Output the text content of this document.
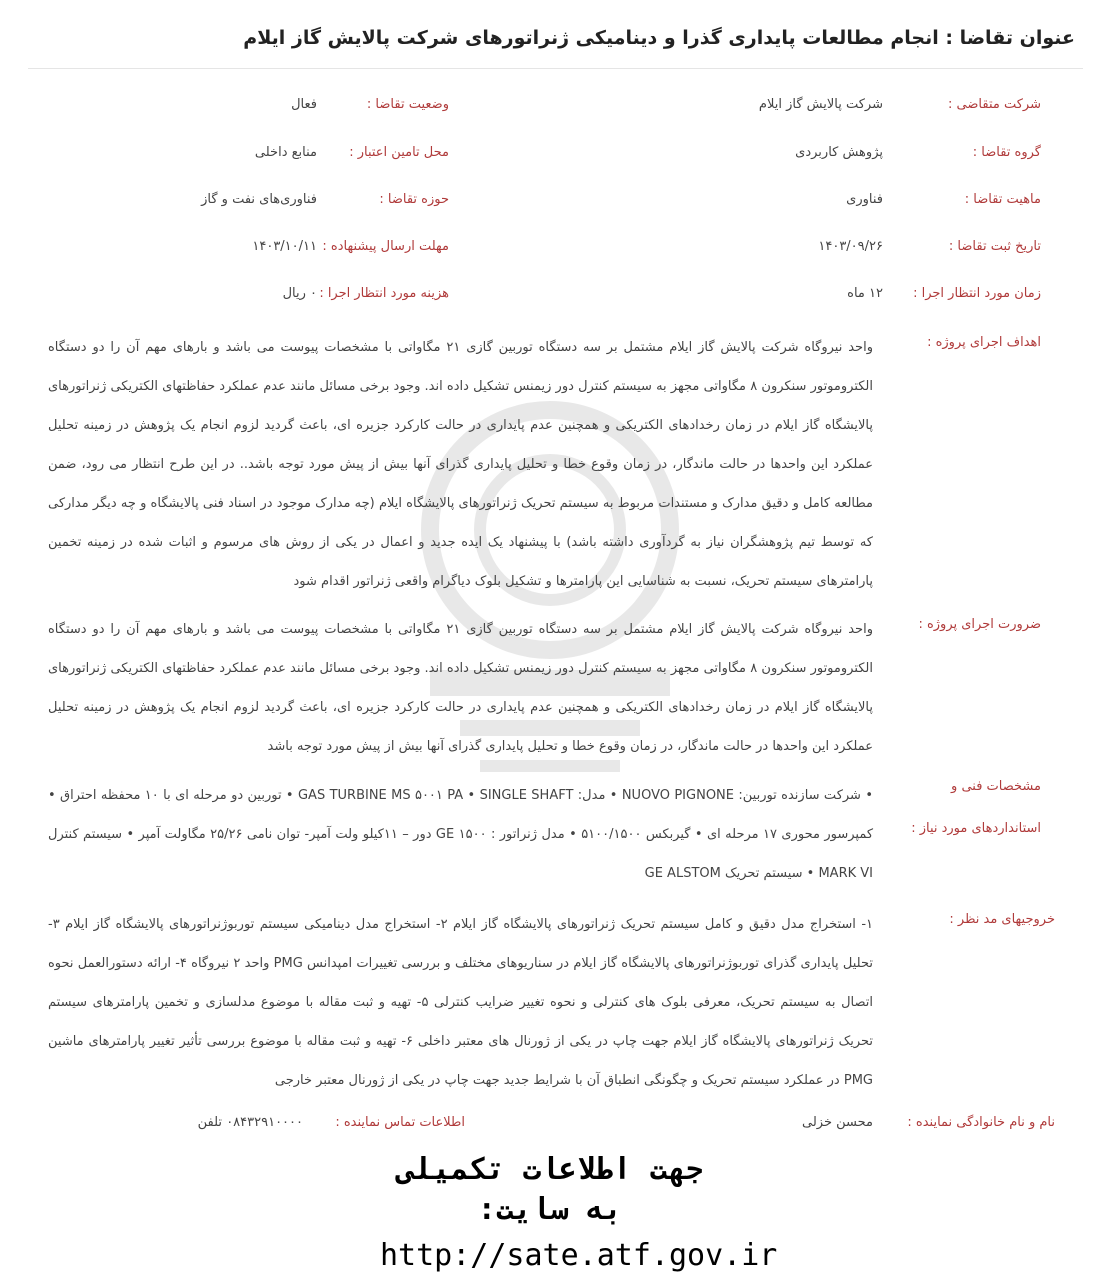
عنوان تقاضا : انجام مطالعات پایداری گذرا و دینامیکی ژنراتورهای شرکت پالایش گاز ایلام
شرکت متقاضی :
شرکت پالایش گاز ایلام
وضعیت تقاضا :
فعال
گروه تقاضا :
پژوهش کاربردی
محل تامین اعتبار :
منابع داخلی
ماهیت تقاضا :
فناوری
حوزه تقاضا :
فناوری‌های نفت و گاز
تاریخ ثبت تقاضا :
۱۴۰۳/۰۹/۲۶
مهلت ارسال پیشنهاده :
۱۴۰۳/۱۰/۱۱
زمان مورد انتظار اجرا :
۱۲ ماه
هزینه مورد انتظار اجرا :
۰ ریال
اهداف اجرای پروژه :

واحد نیروگاه شرکت پالایش گاز ایلام مشتمل بر سه دستگاه توربین گازی ۲۱ مگاواتی با مشخصات پیوست می باشد و بارهای مهم آن را دو دستگاه الکتروموتور سنکرون ۸ مگاواتی مجهز به سیستم کنترل دور زیمنس تشکیل داده اند. وجود برخی مسائل مانند عدم عملکرد حفاظتهای الکتریکی ژنراتورهای پالایشگاه گاز ایلام در زمان رخدادهای الکتریکی و همچنین عدم پایداری در حالت کارکرد جزیره ای، باعث گردید لزوم انجام یک پژوهش در زمینه تحلیل عملکرد این واحدها در حالت ماندگار، در زمان وقوع خطا و تحلیل پایداری گذرای آنها بیش از پیش مورد توجه باشد.. در این طرح انتظار می رود، ضمن مطالعه کامل و دقیق مدارک و مستندات مربوط به سیستم تحریک ژنراتورهای پالایشگاه ایلام (چه مدارک موجود در اسناد فنی پالایشگاه و چه دیگر مدارکی که توسط تیم پژوهشگران نیاز به گردآوری داشته باشد) با پیشنهاد یک ایده جدید و اعمال در یکی از روش های مرسوم و اثبات شده در زمینه تخمین پارامترهای سیستم تحریک، نسبت به شناسایی این پارامترها و تشکیل بلوک دیاگرام واقعی ژنراتور اقدام شود

ضرورت اجرای پروژه :

واحد نیروگاه شرکت پالایش گاز ایلام مشتمل بر سه دستگاه توربین گازی ۲۱ مگاواتی با مشخصات پیوست می باشد و بارهای مهم آن را دو دستگاه الکتروموتور سنکرون ۸ مگاواتی مجهز به سیستم کنترل دور زیمنس تشکیل داده اند. وجود برخی مسائل مانند عدم عملکرد حفاظتهای الکتریکی ژنراتورهای پالایشگاه گاز ایلام در زمان رخدادهای الکتریکی و همچنین عدم پایداری در حالت کارکرد جزیره ای، باعث گردید لزوم انجام یک پژوهش در زمینه تحلیل عملکرد این واحدها در حالت ماندگار، در زمان وقوع خطا و تحلیل پایداری گذرای آنها بیش از پیش مورد توجه باشد

مشخصات فنی و
استانداردهای مورد نیاز :

• شرکت سازنده توربین: NUOVO PIGNONE • مدل: GAS TURBINE MS ۵۰۰۱ PA • SINGLE SHAFT • توربین دو مرحله ای با ۱۰ محفظه احتراق • کمپرسور محوری ۱۷ مرحله ای • گیربکس ۵۱۰۰/۱۵۰۰ • مدل ژنراتور : GE ۱۵۰۰ دور – ۱۱کیلو ولت آمپر- توان نامی ۲۵/۲۶ مگاولت آمپر • سیستم کنترل MARK VI • سیستم تحریک GE ALSTOM

خروجیهای مد نظر :

۱- استخراج مدل دقیق و کامل سیستم تحریک ژنراتورهای پالایشگاه گاز ایلام ۲- استخراج مدل دینامیکی سیستم توربوژنراتورهای پالایشگاه گاز ایلام ۳- تحلیل پایداری گذرای توربوژنراتورهای پالایشگاه گاز ایلام در سناریوهای مختلف و بررسی تغییرات امپدانس PMG واحد ۲ نیروگاه ۴- ارائه دستورالعمل نحوه اتصال به سیستم تحریک، معرفی بلوک های کنترلی و نحوه تغییر ضرایب کنترلی ۵- تهیه و ثبت مقاله با موضوع مدلسازی و تخمین پارامترهای سیستم تحریک ژنراتورهای پالایشگاه گاز ایلام جهت چاپ در یکی از ژورنال های معتبر داخلی ۶- تهیه و ثبت مقاله با موضوع بررسی تأثیر تغییر پارامترهای ماشین PMG در عملکرد سیستم تحریک و چگونگی انطباق آن با شرایط جدید جهت چاپ در یکی از ژورنال معتبر خارجی

نام و نام خانوادگی نماینده :
محسن خزلی
اطلاعات تماس نماینده :
۰۸۴۳۲۹۱۰۰۰۰ تلفن
جهت اطلاعات تکمیلی به سایت:
http://sate.atf.gov.ir
